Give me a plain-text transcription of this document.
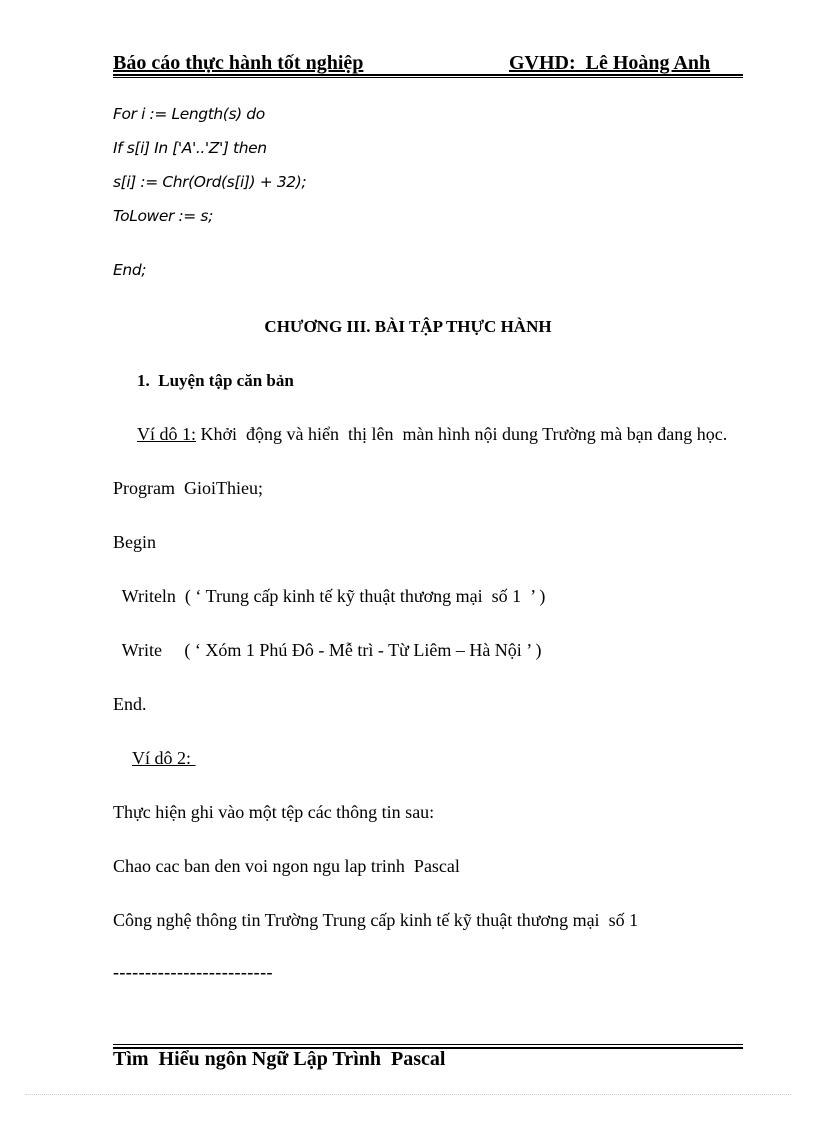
Báo cáo thực hành tốt nghiệp

	GVHD:  Lê Hoàng Anh

For i := Length(s) do
If s[i] In ['A'..'Z'] then
s[i] := Chr(Ord(s[i]) + 32);
ToLower := s;
End;
CHƯƠNG III. BÀI TẬP THỰC HÀNH
1.  Luyện tập căn bản
Ví dô 1: Khởi  động và hiển  thị lên  màn hình nội dung Trường mà bạn đang học.
Program  GioiThieu;
Begin
Writeln  ( ‘ Trung cấp kinh tế kỹ thuật thương mại  số 1  ’ )
Write     ( ‘ Xóm 1 Phú Đô - Mễ trì - Từ Liêm – Hà Nội ’ )
End.
Ví dô 2:
Thực hiện ghi vào một tệp các thông tin sau:
Chao cac ban den voi ngon ngu lap trinh  Pascal
Công nghệ thông tin Trường Trung cấp kinh tế kỹ thuật thương mại  số 1
-------------------------
Tìm  Hiểu ngôn Ngữ Lập Trình  Pascal
